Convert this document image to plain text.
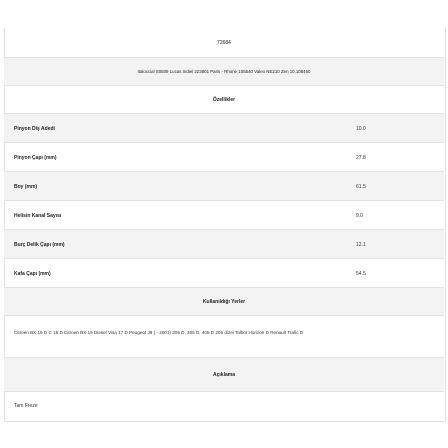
72684
Italoccial S0509 Lucas Indiel 223801 Paris - Rhone 105540 Valeo NE210 Zen 10.108460
Özellikler
Pinyon Diş Adedi	10.0
Pinyon Çapı (mm)	27.8
Boy (mm)	61.5
Helisin Kanal Sayısı	9.0
Burç Delik Çapı (mm)	12.1
Kafa Çapı (mm)	54.5
Kullanıldığı Yerler
Citroen BX 19 D C 15 D Citroen BX 19 Diesel Visa 17 D Peugeot J9 ( - 2001) 205 D, 305 D, 405 D 205 dizel Talbot Horizon D Renault Trafic D
Açıklama
Tam Freze
